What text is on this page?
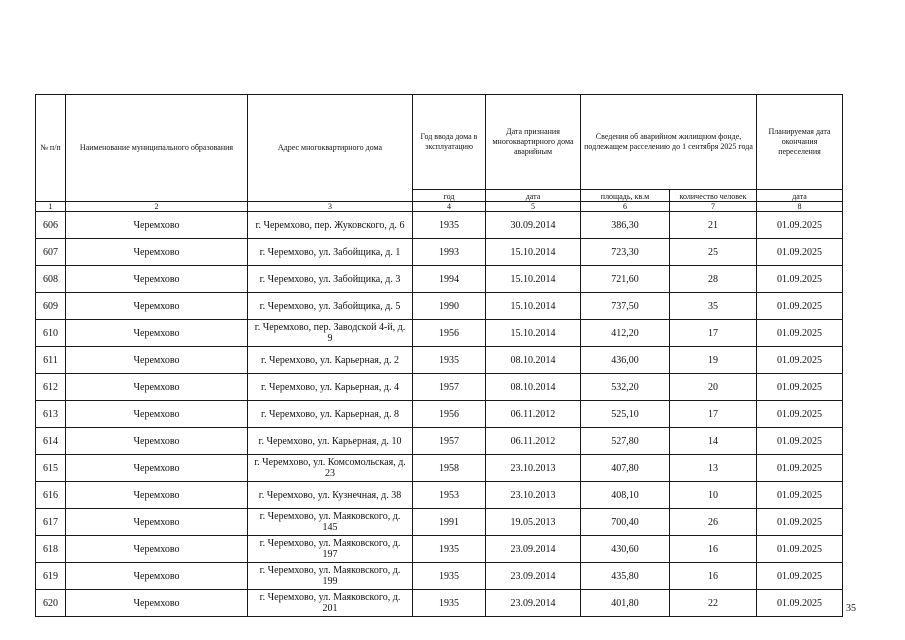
№ п/п	Наименование муниципального образования	Адрес многоквартирного дома	Год ввода дома в эксплуатацию	Дата признания многоквартирного дома аварийным	Сведения об аварийном жилищном фонде, подлежащем расселению до 1 сентября 2025 года		Планируемая дата окончания переселения
			год	дата	площадь, кв.м	количество человек	дата
1	2	3	4	5	6	7	8
606	Черемхово	г. Черемхово, пер. Жуковского, д. 6	1935	30.09.2014	386,30	21	01.09.2025
607	Черемхово	г. Черемхово, ул. Забойщика, д. 1	1993	15.10.2014	723,30	25	01.09.2025
608	Черемхово	г. Черемхово, ул. Забойщика, д. 3	1994	15.10.2014	721,60	28	01.09.2025
609	Черемхово	г. Черемхово, ул. Забойщика, д. 5	1990	15.10.2014	737,50	35	01.09.2025
610	Черемхово	г. Черемхово, пер. Заводской 4-й, д. 9	1956	15.10.2014	412,20	17	01.09.2025
611	Черемхово	г. Черемхово, ул. Карьерная, д. 2	1935	08.10.2014	436,00	19	01.09.2025
612	Черемхово	г. Черемхово, ул. Карьерная, д. 4	1957	08.10.2014	532,20	20	01.09.2025
613	Черемхово	г. Черемхово, ул. Карьерная, д. 8	1956	06.11.2012	525,10	17	01.09.2025
614	Черемхово	г. Черемхово, ул. Карьерная, д. 10	1957	06.11.2012	527,80	14	01.09.2025
615	Черемхово	г. Черемхово, ул. Комсомольская, д. 23	1958	23.10.2013	407,80	13	01.09.2025
616	Черемхово	г. Черемхово, ул. Кузнечная, д. 38	1953	23.10.2013	408,10	10	01.09.2025
617	Черемхово	г. Черемхово, ул. Маяковского, д. 145	1991	19.05.2013	700,40	26	01.09.2025
618	Черемхово	г. Черемхово, ул. Маяковского, д. 197	1935	23.09.2014	430,60	16	01.09.2025
619	Черемхово	г. Черемхово, ул. Маяковского, д. 199	1935	23.09.2014	435,80	16	01.09.2025
620	Черемхово	г. Черемхово, ул. Маяковского, д. 201	1935	23.09.2014	401,80	22	01.09.2025 35
